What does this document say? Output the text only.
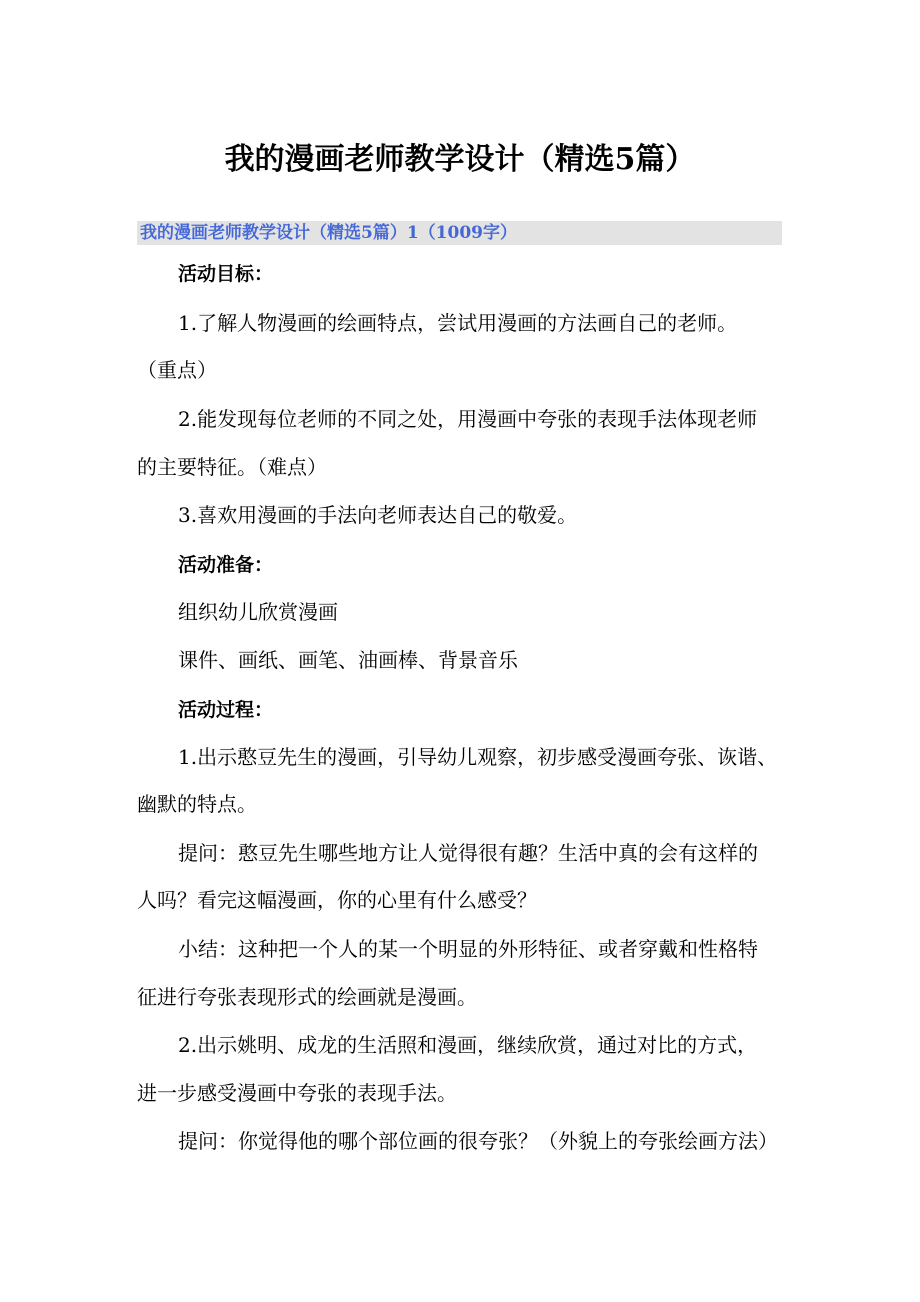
我的漫画老师教学设计（精选5篇）
我的漫画老师教学设计（精选5篇）1（1009字）
活动目标：
1.了解人物漫画的绘画特点，尝试用漫画的方法画自己的老师。
（重点）
2.能发现每位老师的不同之处，用漫画中夸张的表现手法体现老师
的主要特征。（难点）
3.喜欢用漫画的手法向老师表达自己的敬爱。
活动准备：
组织幼儿欣赏漫画
课件、画纸、画笔、油画棒、背景音乐
活动过程：
1.出示憨豆先生的漫画，引导幼儿观察，初步感受漫画夸张、诙谐、
幽默的特点。
提问：憨豆先生哪些地方让人觉得很有趣？生活中真的会有这样的
人吗？看完这幅漫画，你的心里有什么感受？
小结：这种把一个人的某一个明显的外形特征、或者穿戴和性格特
征进行夸张表现形式的绘画就是漫画。
2.出示姚明、成龙的生活照和漫画，继续欣赏，通过对比的方式，
进一步感受漫画中夸张的表现手法。
提问：你觉得他的哪个部位画的很夸张？（外貌上的夸张绘画方法）
